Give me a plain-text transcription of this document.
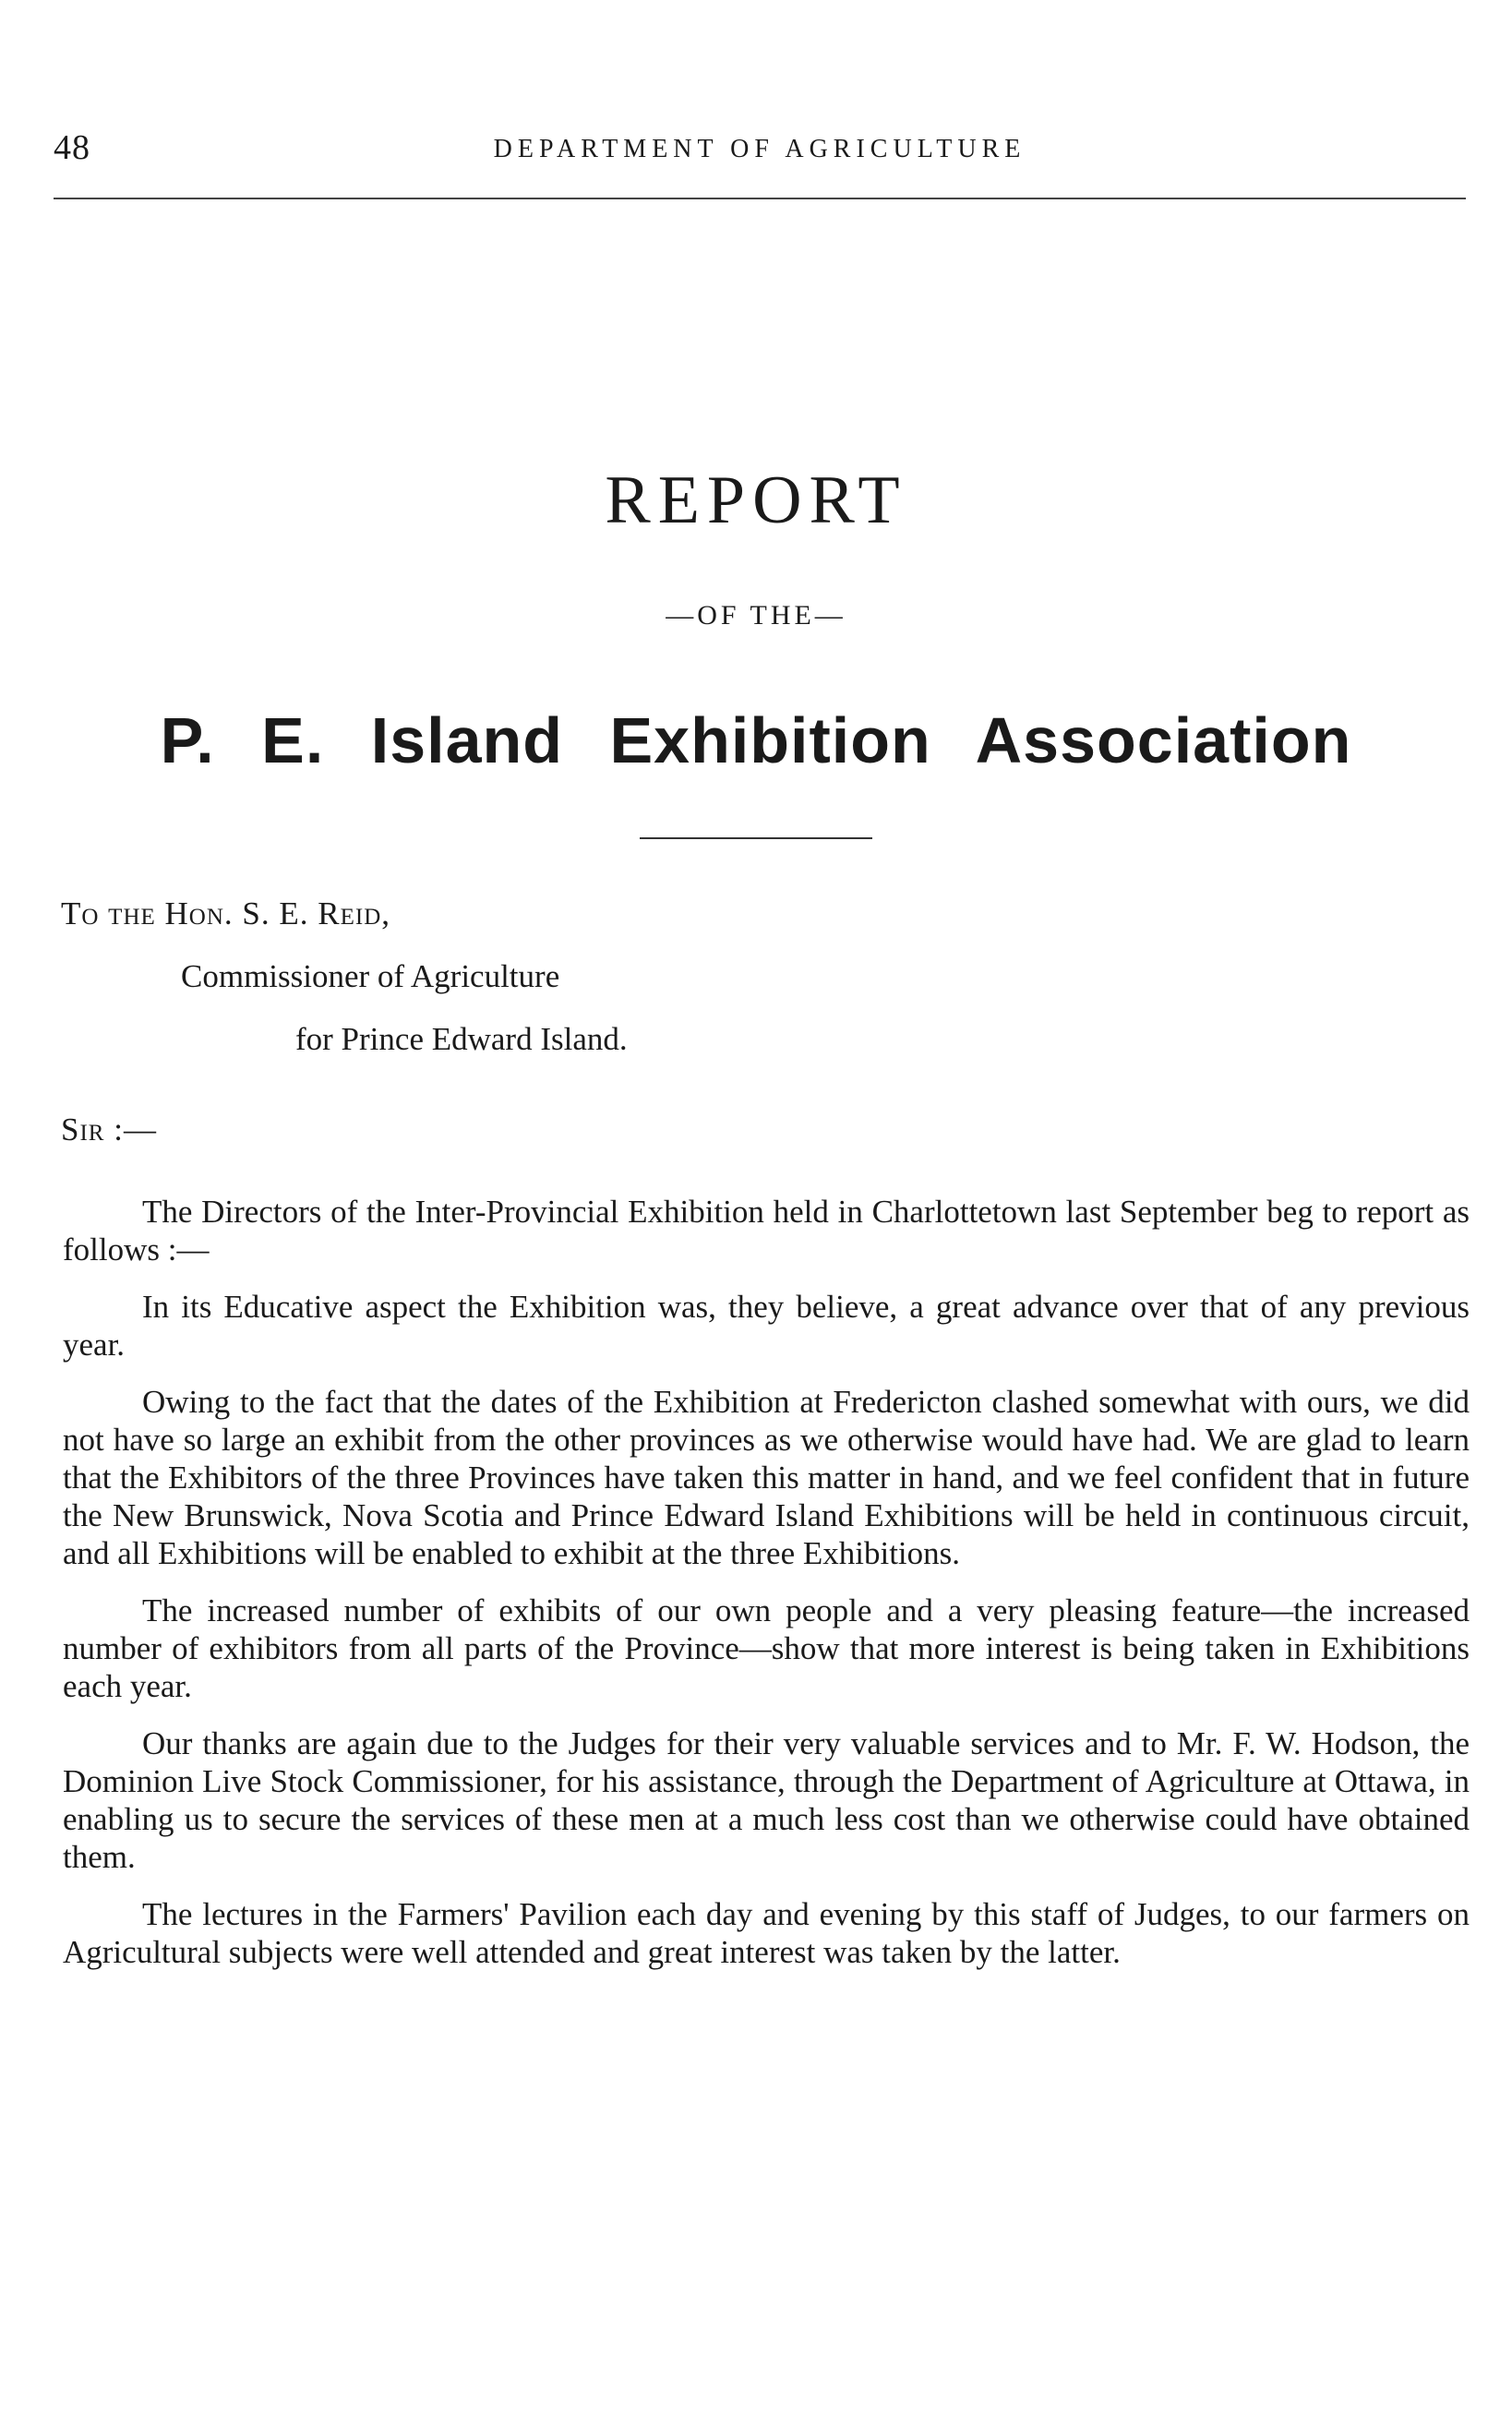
48	DEPARTMENT OF AGRICULTURE
REPORT
—OF THE—
P. E. Island Exhibition Association
To the Hon. S. E. Reid,
Commissioner of Agriculture
for Prince Edward Island.
Sir :—

The Directors of the Inter-Provincial Exhibition held in Charlottetown last September beg to report as follows :—

In its Educative aspect the Exhibition was, they believe, a great advance over that of any previous year.

Owing to the fact that the dates of the Exhibition at Fredericton clashed somewhat with ours, we did not have so large an exhibit from the other provinces as we otherwise would have had. We are glad to learn that the Exhibitors of the three Provinces have taken this matter in hand, and we feel confident that in future the New Brunswick, Nova Scotia and Prince Edward Island Exhibitions will be held in continuous circuit, and all Exhibitions will be enabled to exhibit at the three Exhibitions.

The increased number of exhibits of our own people and a very pleasing feature—the increased number of exhibitors from all parts of the Province—show that more interest is being taken in Exhibitions each year.

Our thanks are again due to the Judges for their very valuable services and to Mr. F. W. Hodson, the Dominion Live Stock Commissioner, for his assistance, through the Department of Agriculture at Ottawa, in enabling us to secure the services of these men at a much less cost than we otherwise could have obtained them.

The lectures in the Farmers' Pavilion each day and evening by this staff of Judges, to our farmers on Agricultural subjects were well attended and great interest was taken by the latter.
